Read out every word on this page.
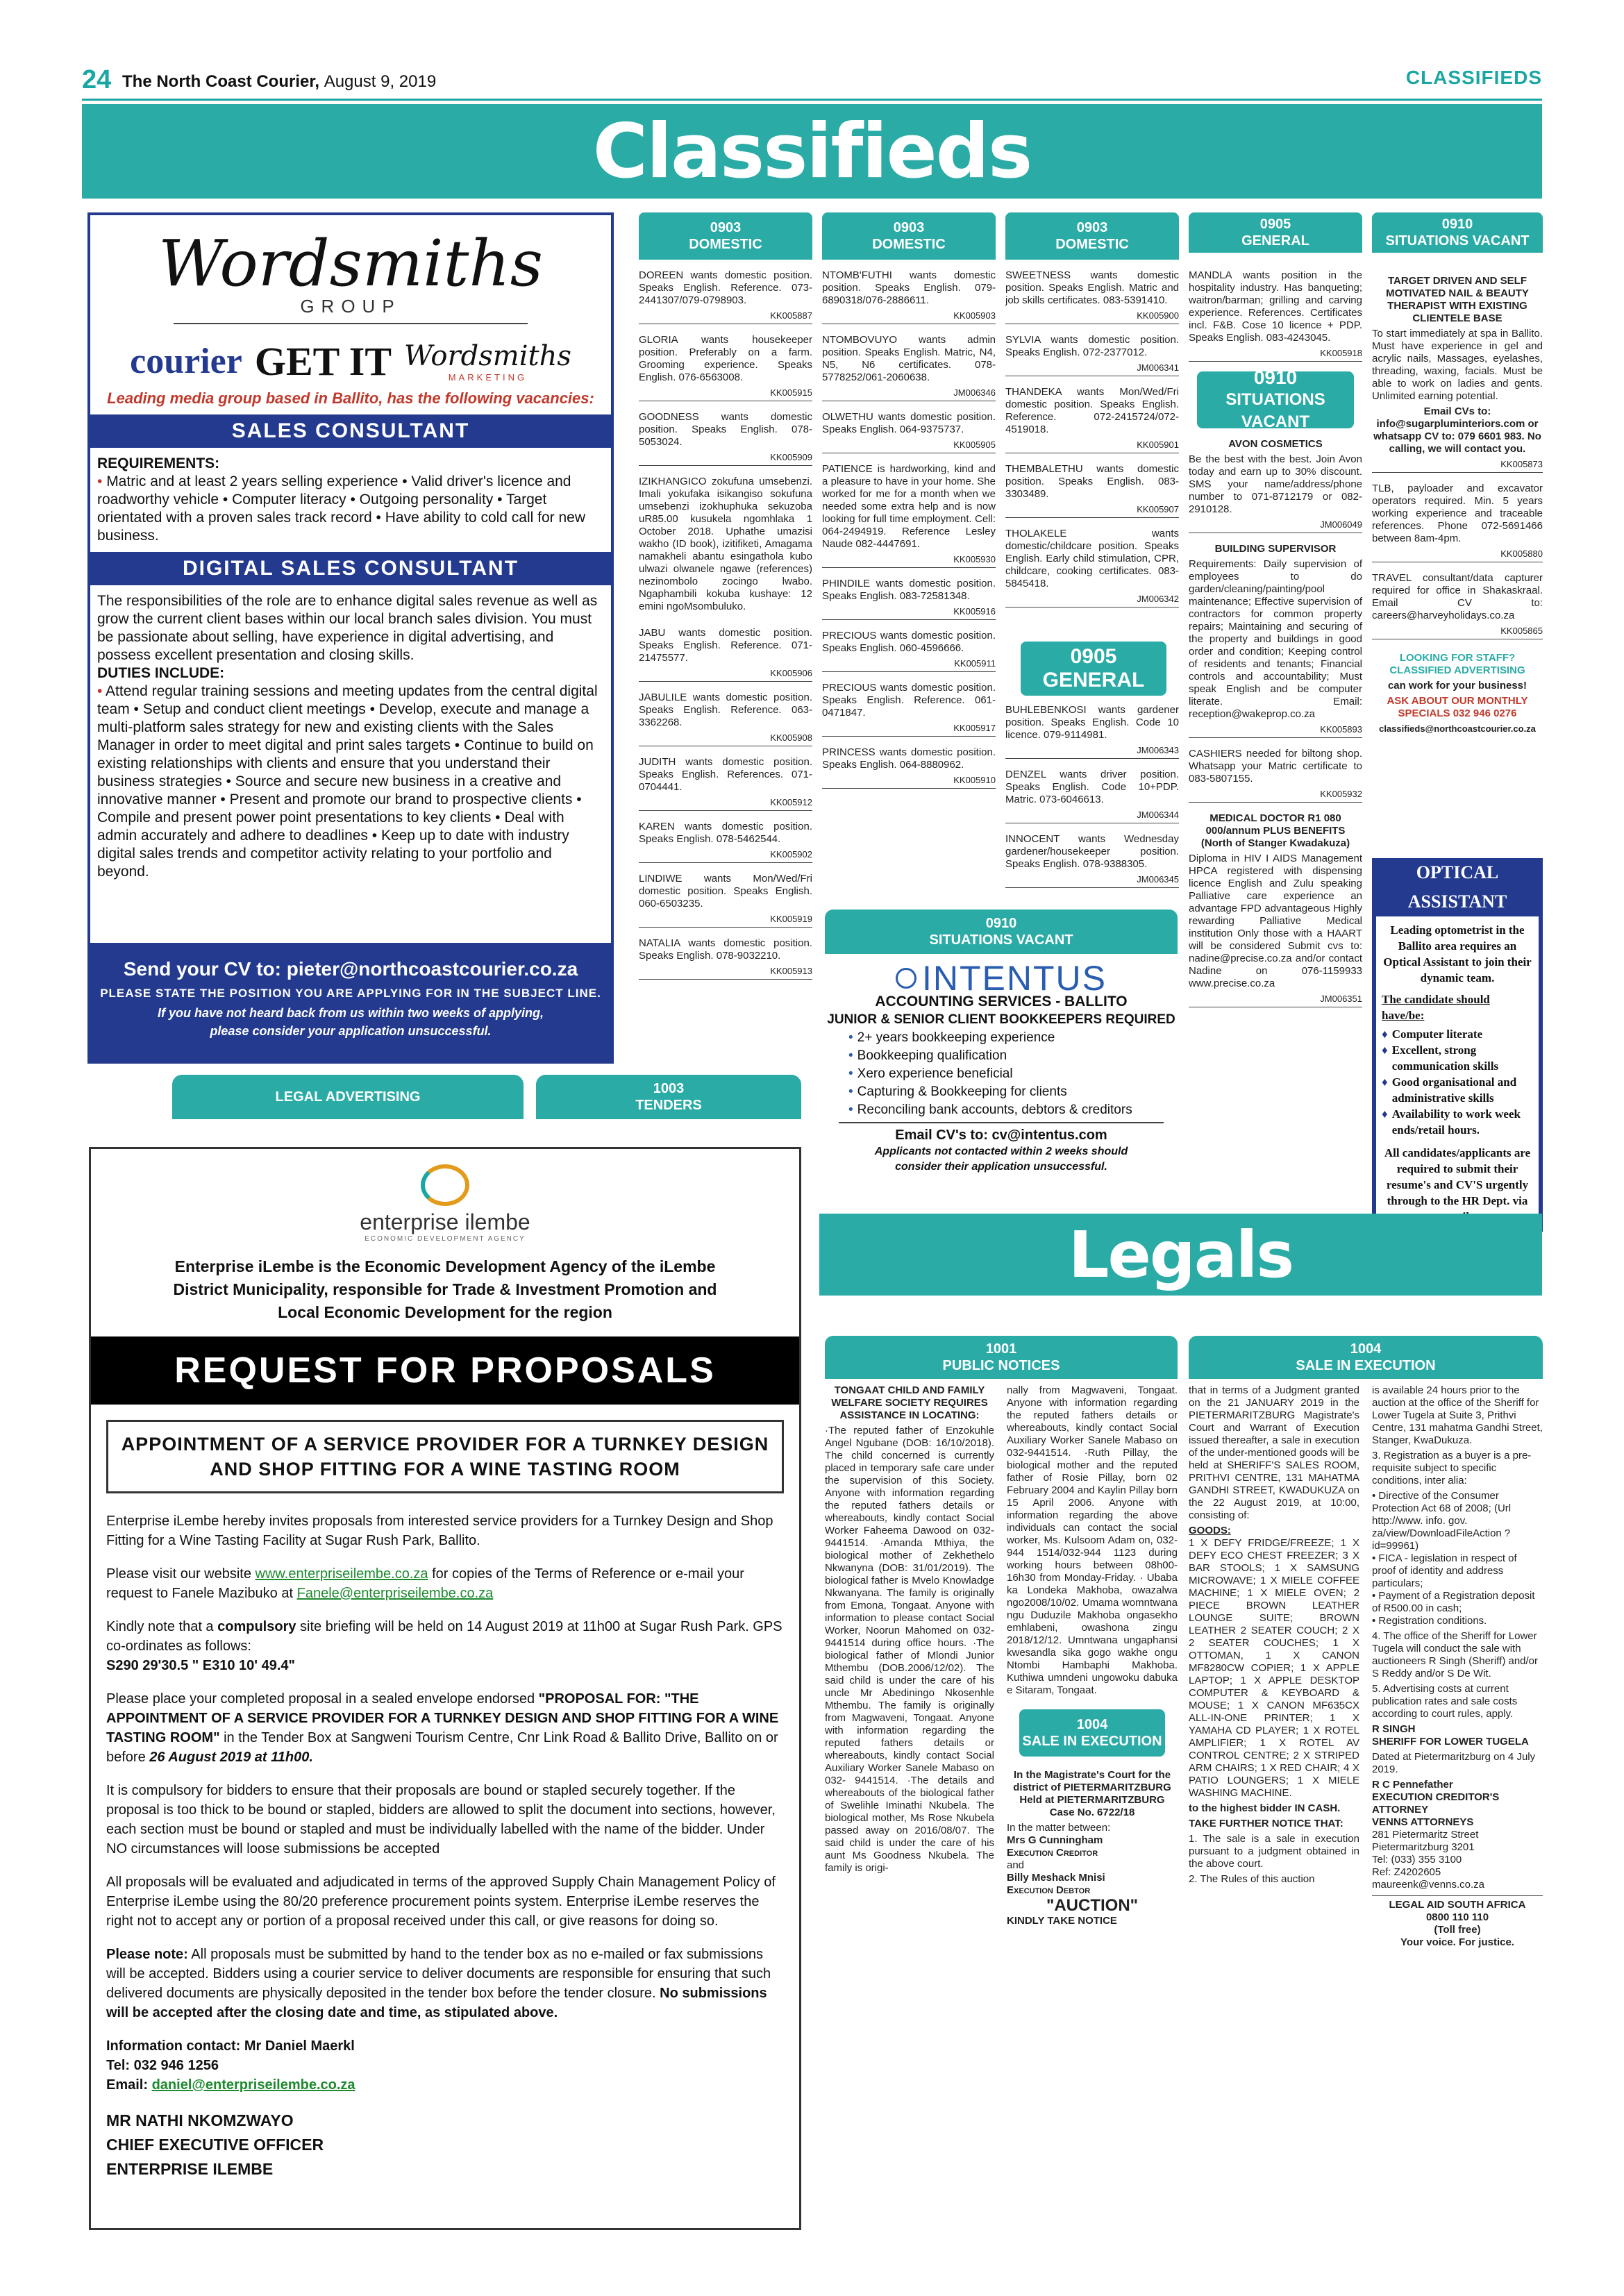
24 The North Coast Courier, August 9, 2019	CLASSIFIEDS
Classifieds
Wordsmiths
GROUP
courier GET IT Wordsmiths
MARKETING
Leading media group based in Ballito, has the following vacancies:
SALES CONSULTANT
REQUIREMENTS:
• Matric and at least 2 years selling experience • Valid driver's licence and roadworthy vehicle • Computer literacy • Outgoing personality • Target orientated with a proven sales track record • Have ability to cold call for new business.
DIGITAL SALES CONSULTANT
The responsibilities of the role are to enhance digital sales revenue as well as grow the current client bases within our local branch sales division. You must be passionate about selling, have experience in digital advertising, and possess excellent presentation and closing skills.
DUTIES INCLUDE:
• Attend regular training sessions and meeting updates from the central digital team • Setup and conduct client meetings • Develop, execute and manage a multi-platform sales strategy for new and existing clients with the Sales Manager in order to meet digital and print sales targets • Continue to build on existing relationships with clients and ensure that you understand their business strategies • Source and secure new business in a creative and innovative manner • Present and promote our brand to prospective clients • Compile and present power point presentations to key clients • Deal with admin accurately and adhere to deadlines • Keep up to date with industry digital sales trends and competitor activity relating to your portfolio and beyond.
Send your CV to: pieter@northcoastcourier.co.za
PLEASE STATE THE POSITION YOU ARE APPLYING FOR IN THE SUBJECT LINE.
If you have not heard back from us within two weeks of applying, please consider your application unsuccessful.
0903
DOMESTIC
0903
DOMESTIC
0903
DOMESTIC
0905
GENERAL
0910
SITUATIONS VACANT

DOREEN wants domestic position. Speaks English. Reference. 073-2441307/079-0798903.

KK005887

GLORIA wants housekeeper position. Preferably on a farm. Grooming experience. Speaks English. 076-6563008.

KK005915

GOODNESS wants domestic position. Speaks English. 078-5053024.

KK005909

IZIKHANGICO zokufuna umsebenzi. Imali yokufaka isikangiso sokufuna umsebenzi izokhuphuka sekuzoba uR85.00 kusukela ngomhlaka 1 October 2018. Uphathe umazisi wakho (ID book), izitifiketi, Amagama namakheli abantu esingathola kubo ulwazi olwanele ngawe (references) nezinombolo zocingo lwabo. Ngaphambili kokuba kushaye: 12 emini ngoMsombuluko.

JABU wants domestic position. Speaks English. Reference. 071-21475577.

KK005906

JABULILE wants domestic position. Speaks English. Reference. 063-3362268.

KK005908

JUDITH wants domestic position. Speaks English. References. 071-0704441.

KK005912

KAREN wants domestic position. Speaks English. 078-5462544.

KK005902

LINDIWE wants Mon/Wed/Fri domestic position. Speaks English. 060-6503235.

KK005919

NATALIA wants domestic position. Speaks English. 078-9032210.

KK005913

NTOMB'FUTHI wants domestic position. Speaks English. 079-6890318/076-2886611.

KK005903

NTOMBOVUYO wants admin position. Speaks English. Matric, N4, N5, N6 certificates. 078-5778252/061-2060638.

JM006346

OLWETHU wants domestic position. Speaks English. 064-9375737.

KK005905

PATIENCE is hardworking, kind and a pleasure to have in your home. She worked for me for a month when we needed some extra help and is now looking for full time employment. Cell: 064-2494919. Reference Lesley Naude 082-4447691.

KK005930

PHINDILE wants domestic position. Speaks English. 083-72581348.

KK005916

PRECIOUS wants domestic position. Speaks English. 060-4596666.

KK005911

PRECIOUS wants domestic position. Speaks English. Reference. 061-0471847.

KK005917

PRINCESS wants domestic position. Speaks English. 064-8880962.

KK005910

SWEETNESS wants domestic position. Speaks English. Matric and job skills certificates. 083-5391410.

KK005900

SYLVIA wants domestic position. Speaks English. 072-2377012.

JM006341

THANDEKA wants Mon/Wed/Fri domestic position. Speaks English. Reference. 072-2415724/072-4519018.

KK005901

THEMBALETHU wants domestic position. Speaks English. 083-3303489.

KK005907

THOLAKELE wants domestic/childcare position. Speaks English. Early child stimulation, CPR, childcare, cooking certificates. 083-5845418.

JM006342
0905
GENERAL

BUHLEBENKOSI wants gardener position. Speaks English. Code 10 licence. 079-9114981.

JM006343

DENZEL wants driver position. Speaks English. Code 10+PDP. Matric. 073-6046613.

JM006344

INNOCENT wants Wednesday gardener/housekeeper position. Speaks English. 078-9388305.

JM006345

MANDLA wants position in the hospitality industry. Has banqueting; waitron/barman; grilling and carving experience. References. Certificates incl. F&B. Cose 10 licence + PDP. Speaks English. 083-4243045.

KK005918
0910
SITUATIONS VACANT

AVON COSMETICS

Be the best with the best. Join Avon today and earn up to 30% discount. SMS your name/address/phone number to 071-8712179 or 082-2910128.

JM006049

BUILDING SUPERVISOR

Requirements: Daily supervision of employees to do garden/cleaning/painting/pool maintenance; Effective supervision of contractors for common property repairs; Maintaining and securing of the property and buildings in good order and condition; Keeping control of residents and tenants; Financial controls and accountability; Must speak English and be computer literate. Email: reception@wakeprop.co.za

KK005893

CASHIERS needed for biltong shop. Whatsapp your Matric certificate to 083-5807155.

KK005932

MEDICAL DOCTOR R1 080 000/annum PLUS BENEFITS (North of Stanger Kwadakuza)

Diploma in HIV I AIDS Management HPCA registered with dispensing licence English and Zulu speaking Palliative care experience an advantage FPD advantageous Highly rewarding Palliative Medical institution Only those with a HAART will be considered Submit cvs to: nadine@precise.co.za and/or contact Nadine on 076-1159933 www.precise.co.za

JM006351

TARGET DRIVEN AND SELF MOTIVATED NAIL & BEAUTY THERAPIST WITH EXISTING CLIENTELE BASE

To start immediately at spa in Ballito. Must have experience in gel and acrylic nails, Massages, eyelashes, threading, waxing, facials. Must be able to work on ladies and gents. Unlimited earning potential.

Email CVs to: info@sugarpluminteriors.com or whatsapp CV to: 079 6601 983. No calling, we will contact you.

KK005873

TLB, payloader and excavator operators required. Min. 5 years working experience and traceable references. Phone 072-5691466 between 8am-4pm.

KK005880

TRAVEL consultant/data capturer required for office in Shakaskraal. Email CV to: careers@harveyholidays.co.za

KK005865

LOOKING FOR STAFF? CLASSIFIED ADVERTISING

can work for your business!

ASK ABOUT OUR MONTHLY SPECIALS 032 946 0276

classifieds@northcoastcourier.co.za

OPTICAL ASSISTANT

Leading optometrist in the Ballito area requires an Optical Assistant to join their dynamic team.

The candidate should have/be:

♦ Computer literate
♦ Excellent, strong communication skills
♦ Good organisational and administrative skills
♦ Availability to work week ends/retail hours.

All candidates/applicants are required to submit their resume's and CV'S urgently through to the HR Dept. via

0910
SITUATIONS VACANT
INTENTUS
ACCOUNTING SERVICES - BALLITO
JUNIOR & SENIOR CLIENT BOOKKEEPERS REQUIRED
• 2+ years bookkeeping experience
• Bookkeeping qualification
• Xero experience beneficial
• Capturing & Bookkeeping for clients
• Reconciling bank accounts, debtors & creditors
Email CV's to: cv@intentus.com
Applicants not contacted within 2 weeks should consider their application unsuccessful.
LEGAL ADVERTISING
1003
TENDERS
enterprise ilembe
ECONOMIC DEVELOPMENT AGENCY
Enterprise iLembe is the Economic Development Agency of the iLembe District Municipality, responsible for Trade & Investment Promotion and Local Economic Development for the region
REQUEST FOR PROPOSALS
APPOINTMENT OF A SERVICE PROVIDER FOR A TURNKEY DESIGN AND SHOP FITTING FOR A WINE TASTING ROOM

Enterprise iLembe hereby invites proposals from interested service providers for a Turnkey Design and Shop Fitting for a Wine Tasting Facility at Sugar Rush Park, Ballito.

Please visit our website www.enterpriseilembe.co.za for copies of the Terms of Reference or e-mail your request to Fanele Mazibuko at Fanele@enterpriseilembe.co.za

Kindly note that a compulsory site briefing will be held on 14 August 2019 at 11h00 at Sugar Rush Park. GPS co-ordinates as follows:
S290 29'30.5 " E310 10' 49.4"

Please place your completed proposal in a sealed envelope endorsed "PROPOSAL FOR: "THE APPOINTMENT OF A SERVICE PROVIDER FOR A TURNKEY DESIGN AND SHOP FITTING FOR A WINE TASTING ROOM" in the Tender Box at Sangweni Tourism Centre, Cnr Link Road & Ballito Drive, Ballito on or before 26 August 2019 at 11h00.

It is compulsory for bidders to ensure that their proposals are bound or stapled securely together. If the proposal is too thick to be bound or stapled, bidders are allowed to split the document into sections, however, each section must be bound or stapled and must be individually labelled with the name of the bidder. Under NO circumstances will loose submissions be accepted

All proposals will be evaluated and adjudicated in terms of the approved Supply Chain Management Policy of Enterprise iLembe using the 80/20 preference procurement points system. Enterprise iLembe reserves the right not to accept any or portion of a proposal received under this call, or give reasons for doing so.

Please note: All proposals must be submitted by hand to the tender box as no e-mailed or fax submissions will be accepted. Bidders using a courier service to deliver documents are responsible for ensuring that such delivered documents are physically deposited in the tender box before the tender closure. No submissions will be accepted after the closing date and time, as stipulated above.

Information contact: Mr Daniel Maerkl

Tel: 032 946 1256

Email: daniel@enterpriseilembe.co.za

MR NATHI NKOMZWAYO

CHIEF EXECUTIVE OFFICER

ENTERPRISE ILEMBE

Legals
1001
PUBLIC NOTICES
1004
SALE IN EXECUTION

TONGAAT CHILD AND FAMILY WELFARE SOCIETY REQUIRES ASSISTANCE IN LOCATING:

·The reputed father of Enzokuhle Angel Ngubane (DOB: 16/10/2018). The child concerned is currently placed in temporary safe care under the supervision of this Society. Anyone with information regarding the reputed fathers details or whereabouts, kindly contact Social Worker Faheema Dawood on 032-9441514. ·Amanda Mthiya, the biological mother of Zekhethelo Nkwanyna (DOB: 31/01/2019). The biological father is Mvelo Knowladge Nkwanyana. The family is originally from Emona, Tongaat. Anyone with information to please contact Social Worker, Noorun Mahomed on 032-9441514 during office hours. ·The biological father of Mlondi Junior Mthembu (DOB.2006/12/02). The said child is under the care of his uncle Mr Abediningo Nkosenhle Mthembu. The family is originally from Magwaveni, Tongaat. Anyone with information regarding the reputed fathers details or whereabouts, kindly contact Social Auxiliary Worker Sanele Mabaso on 032- 9441514. ·The details and whereabouts of the biological father of Swelihle Iminathi Nkubela. The biological mother, Ms Rose Nkubela passed away on 2016/08/07. The said child is under the care of his aunt Ms Goodness Nkubela. The family is origi-

nally from Magwaveni, Tongaat. Anyone with information regarding the reputed fathers details or whereabouts, kindly contact Social Auxiliary Worker Sanele Mabaso on 032-9441514. ·Ruth Pillay, the biological mother and the reputed father of Rosie Pillay, born 02 February 2004 and Kaylin Pillay born 15 April 2006. Anyone with information regarding the above individuals can contact the social worker, Ms. Kulsoom Adam on, 032-944 1514/032-944 1123 during working hours between 08h00-16h30 from Monday-Friday. · Ubaba ka Londeka Makhoba, owazalwa ngo2008/10/02. Umama womntwana ngu Duduzile Makhoba ongasekho emhlabeni, owashona zingu 2018/12/12. Umntwana ungaphansi kwesandla sika gogo wakhe ongu Ntombi Hambaphi Makhoba. Kuthiwa umndeni ungowoku dabuka e Sitaram, Tongaat.

1004
SALE IN EXECUTION

In the Magistrate's Court for the district of PIETERMARITZBURG Held at PIETERMARITZBURG Case No. 6722/18

In the matter between:

Mrs G Cunningham

Execution Creditor

and

Billy Meshack Mnisi

Execution Debtor

"AUCTION"

KINDLY TAKE NOTICE

that in terms of a Judgment granted on the 21 JANUARY 2019 in the PIETERMARITZBURG Magistrate's Court and Warrant of Execution issued thereafter, a sale in execution of the under-mentioned goods will be held at SHERIFF'S SALES ROOM, PRITHVI CENTRE, 131 MAHATMA GANDHI STREET, KWADUKUZA on the 22 August 2019, at 10:00, consisting of:

GOODS:

1 X DEFY FRIDGE/FREEZE; 1 X DEFY ECO CHEST FREEZER; 3 X BAR STOOLS; 1 X SAMSUNG MICROWAVE; 1 X MIELE COFFEE MACHINE; 1 X MIELE OVEN; 2 PIECE BROWN LEATHER LOUNGE SUITE; BROWN LEATHER 2 SEATER COUCH; 2 X 2 SEATER COUCHES; 1 X OTTOMAN, 1 X CANON MF8280CW COPIER; 1 X APPLE LAPTOP; 1 X APPLE DESKTOP COMPUTER & KEYBOARD & MOUSE; 1 X CANON MF635CX ALL-IN-ONE PRINTER; 1 X YAMAHA CD PLAYER; 1 X ROTEL AMPLIFIER; 1 X ROTEL AV CONTROL CENTRE; 2 X STRIPED ARM CHAIRS; 1 X RED CHAIR; 4 X PATIO LOUNGERS; 1 X MIELE WASHING MACHINE.

to the highest bidder IN CASH.

TAKE FURTHER NOTICE THAT:

1. The sale is a sale in execution pursuant to a judgment obtained in the above court.

2. The Rules of this auction

is available 24 hours prior to the auction at the office of the Sheriff for Lower Tugela at Suite 3, Prithvi Centre, 131 mahatma Gandhi Street, Stanger, KwaDukuza.

3. Registration as a buyer is a pre-requisite subject to specific conditions, inter alia:

• Directive of the Consumer Protection Act 68 of 2008; (Url http://www. info. gov. za/view/DownloadFileAction ?id=99961)

• FICA - legislation in respect of proof of identity and address particulars;

• Payment of a Registration deposit of R500.00 in cash;

• Registration conditions.

4. The office of the Sheriff for Lower Tugela will conduct the sale with auctioneers R Singh (Sheriff) and/or S Reddy and/or S De Wit.

5. Advertising costs at current publication rates and sale costs according to court rules, apply.

R SINGH

SHERIFF FOR LOWER TUGELA

Dated at Pietermaritzburg on 4 July 2019.

R C Pennefather

EXECUTION CREDITOR'S ATTORNEY

VENNS ATTORNEYS

281 Pietermaritz Street Pietermaritzburg 3201

Tel: (033) 355 3100

Ref: Z4202605

maureenk@venns.co.za

LEGAL AID SOUTH AFRICA

0800 110 110

(Toll free)

Your voice. For justice.
